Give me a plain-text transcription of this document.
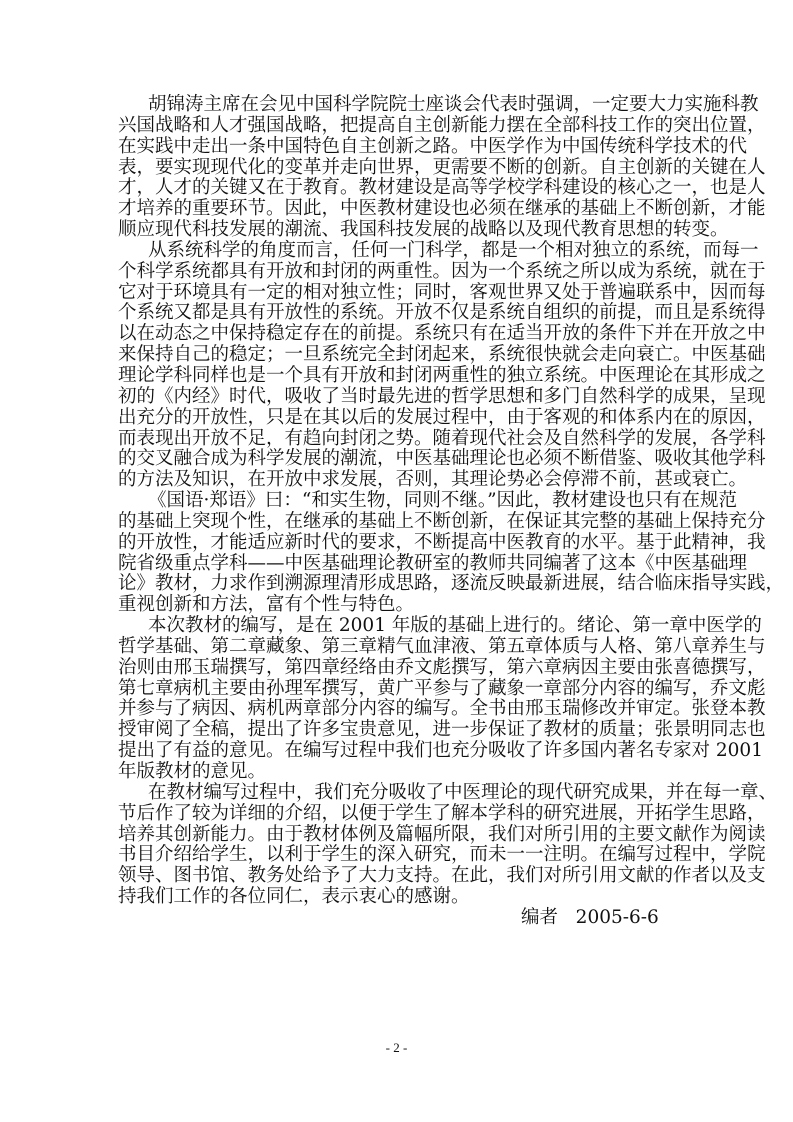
胡锦涛主席在会见中国科学院院士座谈会代表时强调，一定要大力实施科教
兴国战略和人才强国战略，把提高自主创新能力摆在全部科技工作的突出位置，
在实践中走出一条中国特色自主创新之路。中医学作为中国传统科学技术的代
表，要实现现代化的变革并走向世界，更需要不断的创新。自主创新的关键在人
才，人才的关键又在于教育。教材建设是高等学校学科建设的核心之一，也是人
才培养的重要环节。因此，中医教材建设也必须在继承的基础上不断创新，才能
顺应现代科技发展的潮流、我国科技发展的战略以及现代教育思想的转变。
从系统科学的角度而言，任何一门科学，都是一个相对独立的系统，而每一
个科学系统都具有开放和封闭的两重性。因为一个系统之所以成为系统，就在于
它对于环境具有一定的相对独立性；同时，客观世界又处于普遍联系中，因而每
个系统又都是具有开放性的系统。开放不仅是系统自组织的前提，而且是系统得
以在动态之中保持稳定存在的前提。系统只有在适当开放的条件下并在开放之中
来保持自己的稳定；一旦系统完全封闭起来，系统很快就会走向衰亡。中医基础
理论学科同样也是一个具有开放和封闭两重性的独立系统。中医理论在其形成之
初的《内经》时代，吸收了当时最先进的哲学思想和多门自然科学的成果，呈现
出充分的开放性，只是在其以后的发展过程中，由于客观的和体系内在的原因，
而表现出开放不足，有趋向封闭之势。随着现代社会及自然科学的发展，各学科
的交叉融合成为科学发展的潮流，中医基础理论也必须不断借鉴、吸收其他学科
的方法及知识，在开放中求发展，否则，其理论势必会停滞不前，甚或衰亡。
《国语·郑语》曰：“和实生物，同则不继。”因此，教材建设也只有在规范
的基础上突现个性，在继承的基础上不断创新，在保证其完整的基础上保持充分
的开放性，才能适应新时代的要求，不断提高中医教育的水平。基于此精神，我
院省级重点学科——中医基础理论教研室的教师共同编著了这本《中医基础理
论》教材，力求作到溯源理清形成思路，逐流反映最新进展，结合临床指导实践，
重视创新和方法，富有个性与特色。
本次教材的编写，是在 2001 年版的基础上进行的。绪论、第一章中医学的
哲学基础、第二章藏象、第三章精气血津液、第五章体质与人格、第八章养生与
治则由邢玉瑞撰写，第四章经络由乔文彪撰写，第六章病因主要由张喜德撰写，
第七章病机主要由孙理军撰写，黄广平参与了藏象一章部分内容的编写，乔文彪
并参与了病因、病机两章部分内容的编写。全书由邢玉瑞修改并审定。张登本教
授审阅了全稿，提出了许多宝贵意见，进一步保证了教材的质量；张景明同志也
提出了有益的意见。在编写过程中我们也充分吸收了许多国内著名专家对 2001
年版教材的意见。
在教材编写过程中，我们充分吸收了中医理论的现代研究成果，并在每一章、
节后作了较为详细的介绍，以便于学生了解本学科的研究进展，开拓学生思路，
培养其创新能力。由于教材体例及篇幅所限，我们对所引用的主要文献作为阅读
书目介绍给学生，以利于学生的深入研究，而未一一注明。在编写过程中，学院
领导、图书馆、教务处给予了大力支持。在此，我们对所引用文献的作者以及支
持我们工作的各位同仁，表示衷心的感谢。
编者 2005-6-6
- 2 -
